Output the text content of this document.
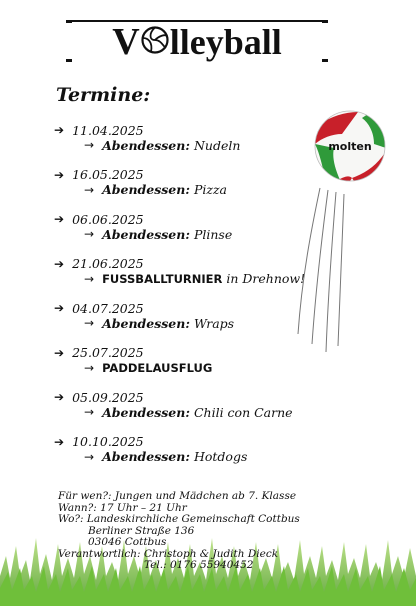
V lleyball
Termine:
➔ 11.04.2025
→ Abendessen: Nudeln
➔ 16.05.2025
→ Abendessen: Pizza
➔ 06.06.2025
→ Abendessen: Plinse
➔ 21.06.2025
→ FUSSBALLTURNIER in Drehnow!
➔ 04.07.2025
→ Abendessen: Wraps
➔ 25.07.2025
→ PADDELAUSFLUG
➔ 05.09.2025
→ Abendessen: Chili con Carne
➔ 10.10.2025
→ Abendessen: Hotdogs
molten
Für wen?: Jungen und Mädchen ab 7. Klasse
Wann?: 17 Uhr – 21 Uhr
Wo?: Landeskirchliche Gemeinschaft Cottbus
Berliner Straße 136
03046 Cottbus
Verantwortlich: Christoph & Judith Dieck
Tel.: 0176 55940452
